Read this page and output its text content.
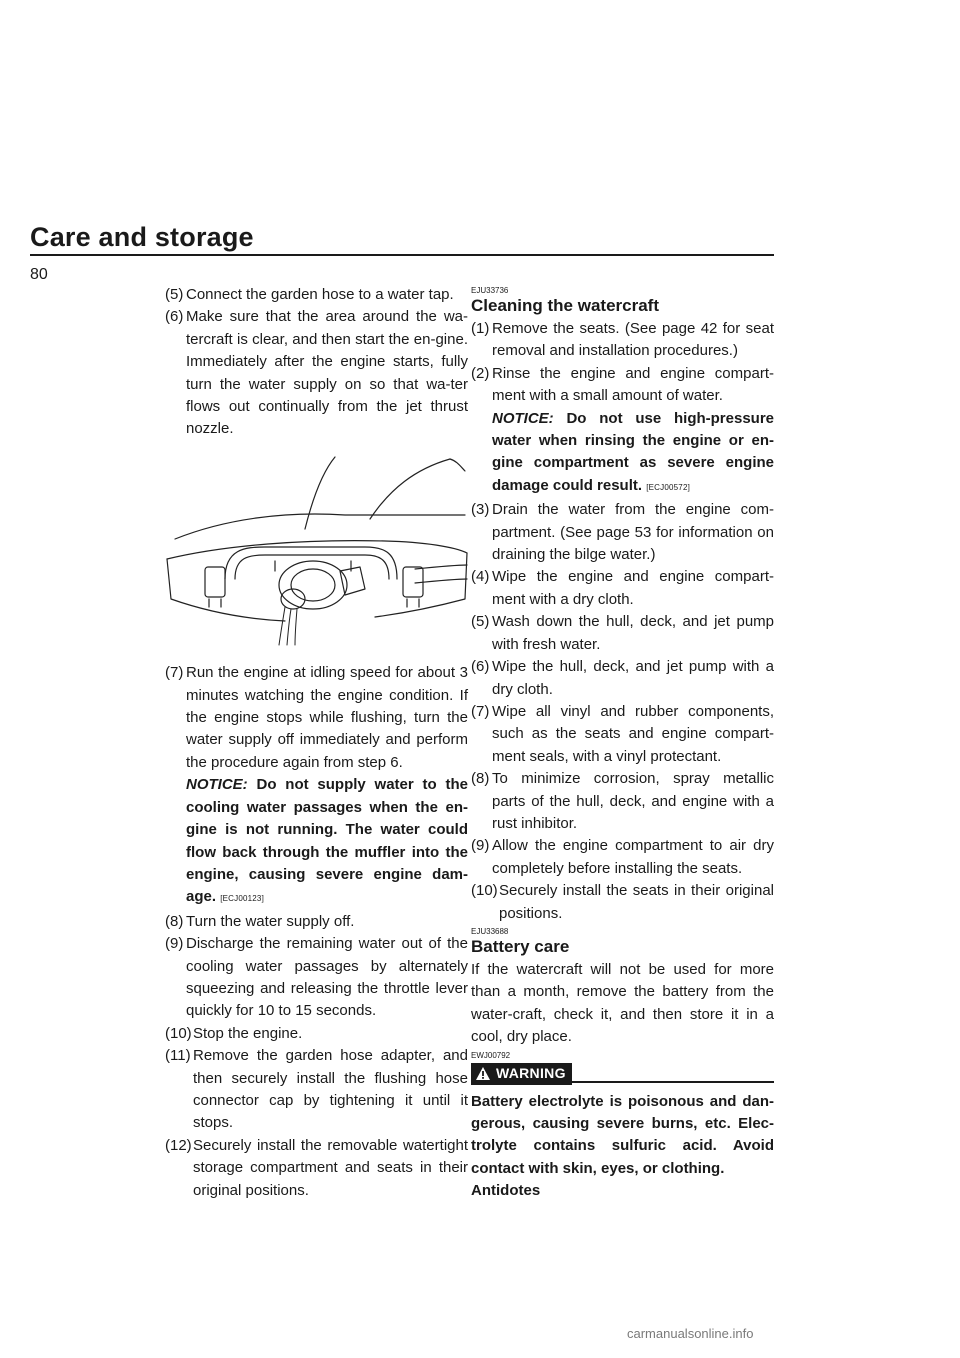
Care and storage
80
(5) Connect the garden hose to a water tap.
(6) Make sure that the area around the wa-tercraft is clear, and then start the en-gine. Immediately after the engine starts, fully turn the water supply on so that wa-ter flows out continually from the jet thrust nozzle.
(7) Run the engine at idling speed for about 3 minutes watching the engine condition. If the engine stops while flushing, turn the water supply off immediately and perform the procedure again from step 6.
NOTICE: Do not supply water to the cooling water passages when the en-gine is not running. The water could flow back through the muffler into the engine, causing severe engine dam-age. [ECJ00123]
(8) Turn the water supply off.
(9) Discharge the remaining water out of the cooling water passages by alternately squeezing and releasing the throttle lever quickly for 10 to 15 seconds.
(10) Stop the engine.
(11) Remove the garden hose adapter, and then securely install the flushing hose connector cap by tightening it until it stops.
(12) Securely install the removable watertight storage compartment and seats in their original positions.
EJU33736
Cleaning the watercraft
(1) Remove the seats. (See page 42 for seat removal and installation procedures.)
(2) Rinse the engine and engine compart-ment with a small amount of water.
NOTICE: Do not use high-pressure water when rinsing the engine or en-gine compartment as severe engine damage could result. [ECJ00572]
(3) Drain the water from the engine com-partment. (See page 53 for information on draining the bilge water.)
(4) Wipe the engine and engine compart-ment with a dry cloth.
(5) Wash down the hull, deck, and jet pump with fresh water.
(6) Wipe the hull, deck, and jet pump with a dry cloth.
(7) Wipe all vinyl and rubber components, such as the seats and engine compart-ment seals, with a vinyl protectant.
(8) To minimize corrosion, spray metallic parts of the hull, deck, and engine with a rust inhibitor.
(9) Allow the engine compartment to air dry completely before installing the seats.
(10) Securely install the seats in their original positions.
EJU33688
Battery care
If the watercraft will not be used for more than a month, remove the battery from the water-craft, check it, and then store it in a cool, dry place.
EWJ00792
WARNING
Battery electrolyte is poisonous and dan-gerous, causing severe burns, etc. Elec-trolyte contains sulfuric acid. Avoid contact with skin, eyes, or clothing.
Antidotes
carmanualsonline.info
